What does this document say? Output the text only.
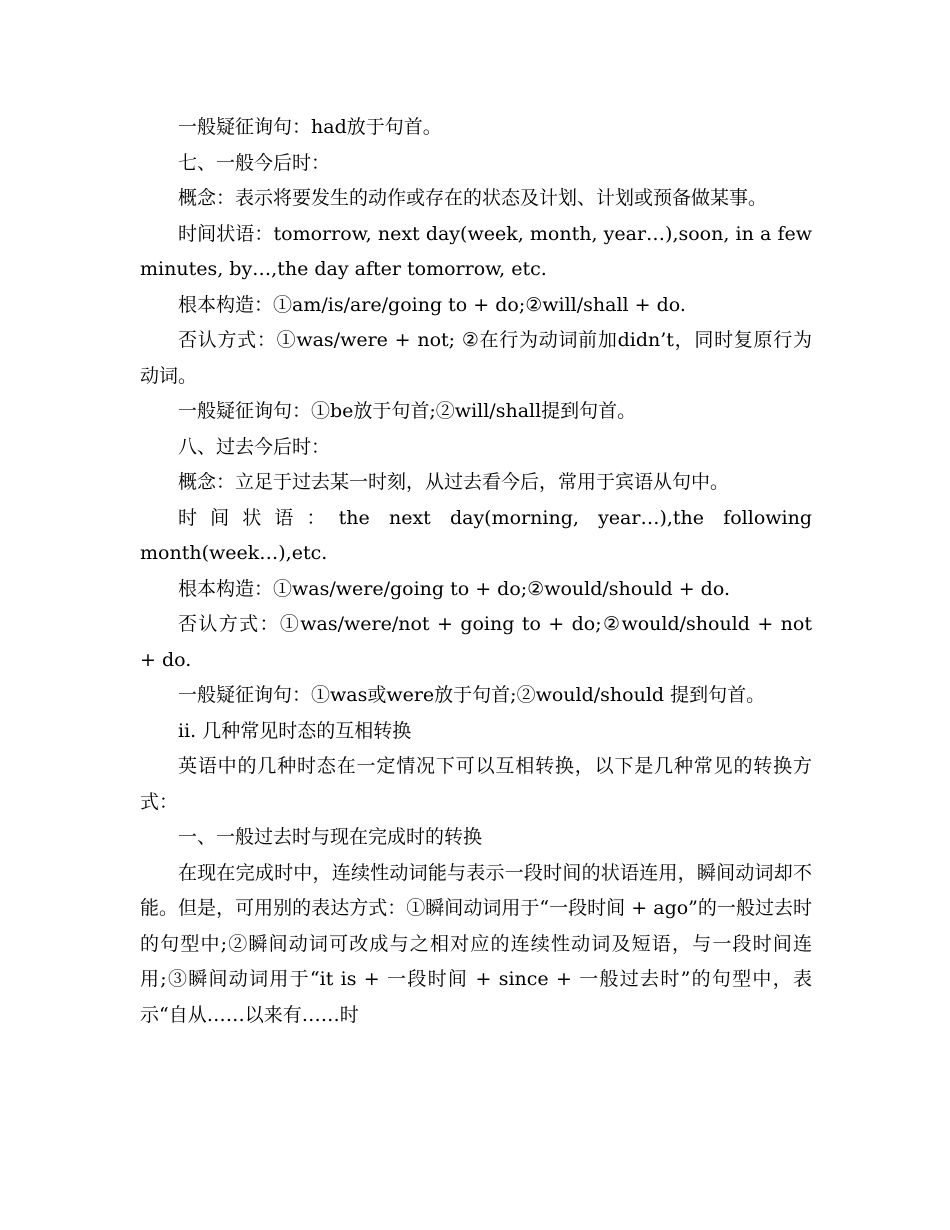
一般疑征询句：had放于句首。

七、一般今后时：

概念：表示将要发生的动作或存在的状态及计划、计划或预备做某事。

时间状语：tomorrow, next day(week, month, year…),soon, in a few minutes, by…,the day after tomorrow, etc.

根本构造：①am/is/are/going to + do;②will/shall + do.

否认方式：①was/were + not; ②在行为动词前加didn’t，同时复原行为动词。

一般疑征询句：①be放于句首;②will/shall提到句首。

八、过去今后时：

概念：立足于过去某一时刻，从过去看今后，常用于宾语从句中。

时间状语：the next day(morning, year…),the following month(week…),etc.

根本构造：①was/were/going to + do;②would/should + do.

否认方式：①was/were/not + going to + do;②would/should + not + do.

一般疑征询句：①was或were放于句首;②would/should 提到句首。

ⅱ. 几种常见时态的互相转换

英语中的几种时态在一定情况下可以互相转换，以下是几种常见的转换方式：

一、一般过去时与现在完成时的转换

在现在完成时中，连续性动词能与表示一段时间的状语连用，瞬间动词却不能。但是，可用别的表达方式：①瞬间动词用于“一段时间 + ago”的一般过去时的句型中;②瞬间动词可改成与之相对应的连续性动词及短语，与一段时间连用;③瞬间动词用于“it is + 一段时间 + since + 一般过去时”的句型中，表示“自从……以来有……时
